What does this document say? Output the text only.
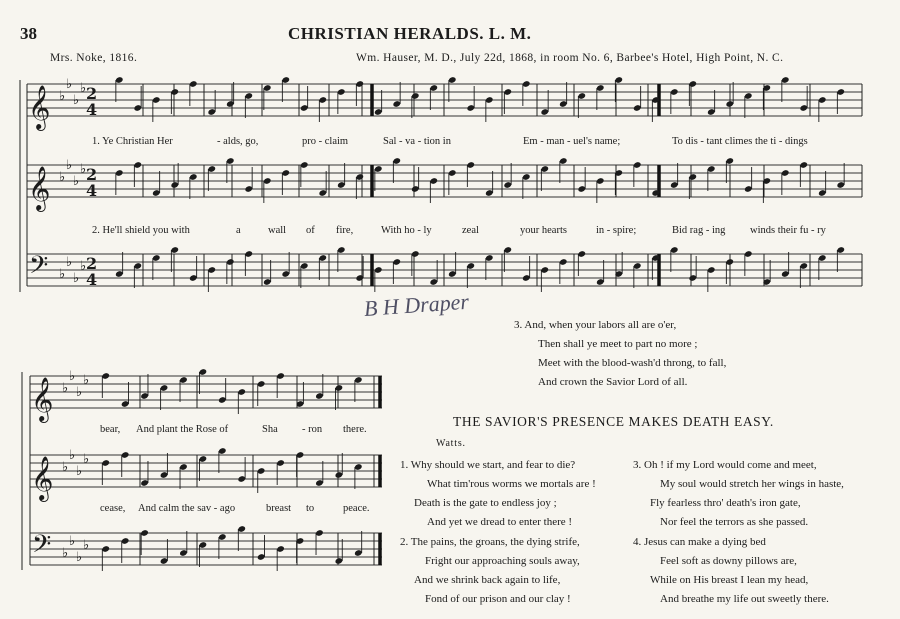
38	CHRISTIAN HERALDS. L. M.
Mrs. Noke, 1816.	Wm. Hauser, M. D., July 22d, 1868, in room No. 6, Barbee's Hotel, High Point, N. C.
𝄞 ♭
♭
♭
♭ 2
4
𝄞 ♭
♭
♭
♭ 2
4
𝄢 ♭
♭
♭
♭ 2
4
𝄞 ♭
♭
♭
♭
𝄞 ♭
♭
♭
♭
𝄢 ♭
♭
♭
♭
1. Ye Christian Her	- alds, go,	pro - claim	Sal - va - tion in	Em - man - uel's name;	To dis - tant climes the ti - dings
2. He'll shield you with	a	wall of fire,	With ho - ly	zeal	your hearts	in - spire;	Bid rag - ing winds their fu - ry
bear, And plant the Rose of	Sha - ron there.
cease, And calm the sav - ago	breast to	peace.
B H Draper
3. And, when your labors all are o'er,
Then shall ye meet to part no more ;
Meet with the blood-wash'd throng, to fall,
And crown the Savior Lord of all.
THE SAVIOR'S PRESENCE MAKES DEATH EASY.
Watts.
1. Why should we start, and fear to die?
What tim'rous worms we mortals are !
Death is the gate to endless joy ;
And yet we dread to enter there !
2. The pains, the groans, the dying strife,
Fright our approaching souls away,
And we shrink back again to life,
Fond of our prison and our clay !
3. Oh ! if my Lord would come and meet,
My soul would stretch her wings in haste,
Fly fearless thro' death's iron gate,
Nor feel the terrors as she passed.
4. Jesus can make a dying bed
Feel soft as downy pillows are,
While on His breast I lean my head,
And breathe my life out sweetly there.
